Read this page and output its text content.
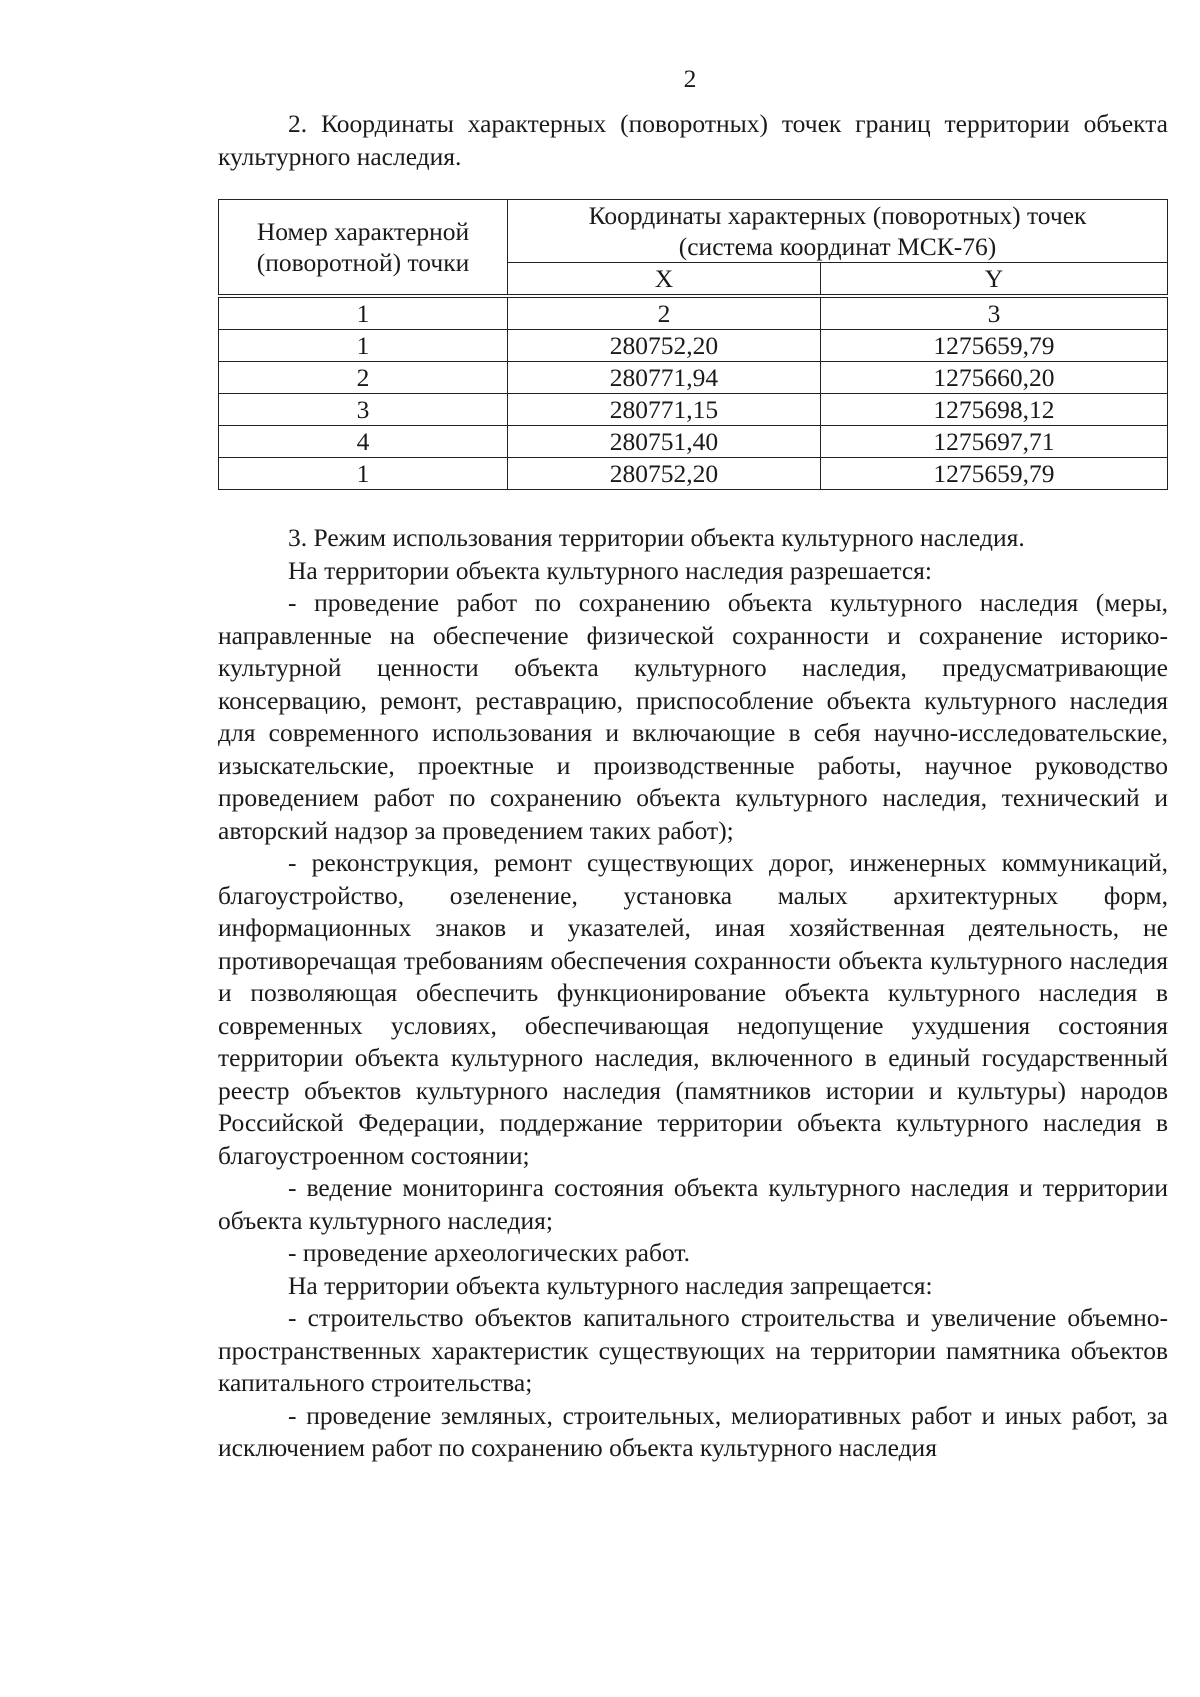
2

2. Координаты характерных (поворотных) точек границ территории объекта культурного наследия.

Номер характерной (поворотной) точки	Координаты характерных (поворотных) точек
(система координат МСК-76)	

	X	Y
1	2	3
1	280752,20	1275659,79
2	280771,94	1275660,20
3	280771,15	1275698,12
4	280751,40	1275697,71
1	280752,20	1275659,79

3. Режим использования территории объекта культурного наследия.

На территории объекта культурного наследия разрешается:

- проведение работ по сохранению объекта культурного наследия (меры, направленные на обеспечение физической сохранности и сохранение историко-культурной ценности объекта культурного наследия, предусматривающие консервацию, ремонт, реставрацию, приспособление объекта культурного наследия для современного использования и включающие в себя научно-исследовательские, изыскательские, проектные и производственные работы, научное руководство проведением работ по сохранению объекта культурного наследия, технический и авторский надзор за проведением таких работ);

- реконструкция, ремонт существующих дорог, инженерных коммуникаций, благоустройство, озеленение, установка малых архитектурных форм, информационных знаков и указателей, иная хозяйственная деятельность, не противоречащая требованиям обеспечения сохранности объекта культурного наследия и позволяющая обеспечить функционирование объекта культурного наследия в современных условиях, обеспечивающая недопущение ухудшения состояния территории объекта культурного наследия, включенного в единый государственный реестр объектов культурного наследия (памятников истории и культуры) народов Российской Федерации, поддержание территории объекта культурного наследия в благоустроенном состоянии;

- ведение мониторинга состояния объекта культурного наследия и территории объекта культурного наследия;

- проведение археологических работ.

На территории объекта культурного наследия запрещается:

- строительство объектов капитального строительства и увеличение объемно-пространственных характеристик существующих на территории памятника объектов капитального строительства;

- проведение земляных, строительных, мелиоративных работ и иных работ, за исключением работ по сохранению объекта культурного наследия
